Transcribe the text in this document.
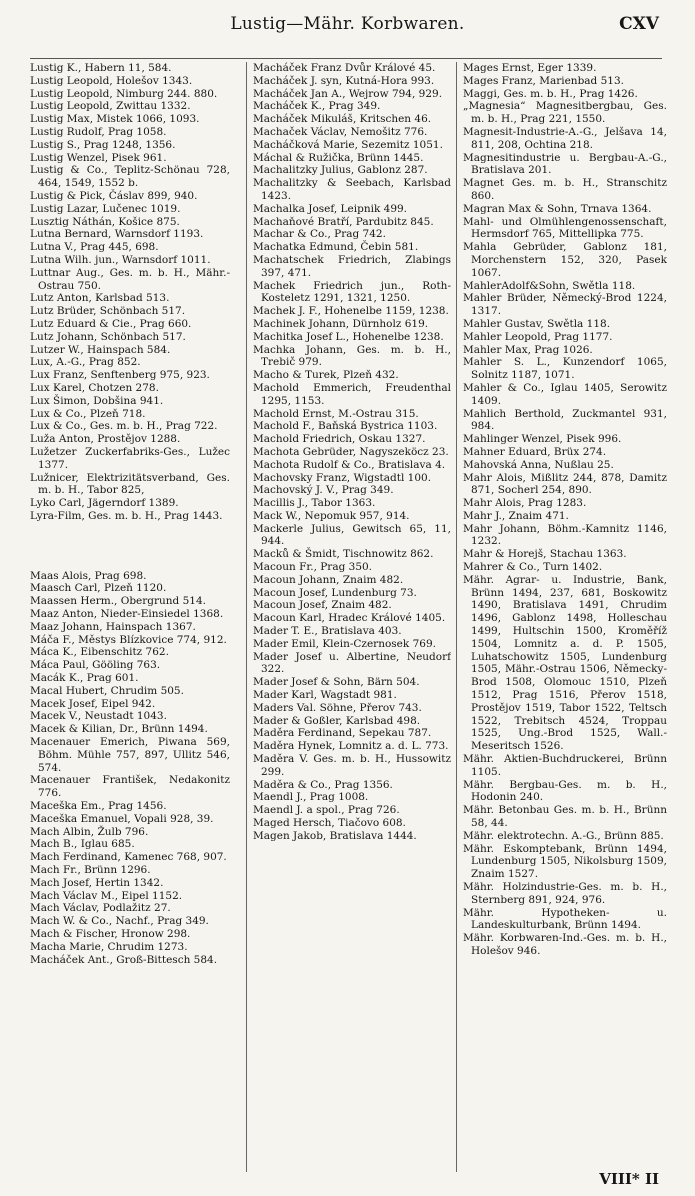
Lustig—Mähr. Korbwaren.	CXV

Lustig K., Habern 11, 584.

Lustig Leopold, Holešov 1343.

Lustig Leopold, Nimburg 244. 880.

Lustig Leopold, Zwittau 1332.

Lustig Max, Mistek 1066, 1093.

Lustig Rudolf, Prag 1058.

Lustig S., Prag 1248, 1356.

Lustig Wenzel, Pisek 961.

Lustig & Co., Teplitz-Schönau 728, 464, 1549, 1552 b.

Lustig & Pick, Čáslav 899, 940.

Lustig Lazar, Lučenec 1019.

Lusztig Náthán, Košice 875.

Lutna Bernard, Warnsdorf 1193.

Lutna V., Prag 445, 698.

Lutna Wilh. jun., Warnsdorf 1011.

Luttnar Aug., Ges. m. b. H., Mähr.-Ostrau 750.

Lutz Anton, Karlsbad 513.

Lutz Brüder, Schönbach 517.

Lutz Eduard & Cie., Prag 660.

Lutz Johann, Schönbach 517.

Lutzer W., Hainspach 584.

Lux, A.-G., Prag 852.

Lux Franz, Senftenberg 975, 923.

Lux Karel, Chotzen 278.

Lux Šimon, Dobšina 941.

Lux & Co., Plzeň 718.

Lux & Co., Ges. m. b. H., Prag 722.

Luža Anton, Prostějov 1288.

Lužetzer Zuckerfabriks-Ges., Lužec 1377.

Lužnicer, Elektrizitätsverband, Ges. m. b. H., Tabor 825,

Lyko Carl, Jägerndorf 1389.

Lyra-Film, Ges. m. b. H., Prag 1443.

Maas Alois, Prag 698.

Maasch Carl, Plzeň 1120.

Maassen Herm., Obergrund 514.

Maaz Anton, Nieder-Einsiedel 1368.

Maaz Johann, Hainspach 1367.

Máča F., Městys Blízkovice 774, 912.

Máca K., Eibenschitz 762.

Máca Paul, Gööling 763.

Macák K., Prag 601.

Macal Hubert, Chrudim 505.

Macek Josef, Eipel 942.

Macek V., Neustadt 1043.

Macek & Kilian, Dr., Brünn 1494.

Macenauer Emerich, Piwana 569, Böhm. Mühle 757, 897, Ullitz 546, 574.

Macenauer František, Nedakonitz 776.

Maceška Em., Prag 1456.

Maceška Emanuel, Vopali 928, 39.

Mach Albin, Žulb 796.

Mach B., Iglau 685.

Mach Ferdinand, Kamenec 768, 907.

Mach Fr., Brünn 1296.

Mach Josef, Hertin 1342.

Mach Václav M., Eipel 1152.

Mach Václav, Podlažitz 27.

Mach W. & Co., Nachf., Prag 349.

Mach & Fischer, Hronow 298.

Macha Marie, Chrudim 1273.

Macháček Ant., Groß-Bittesch 584.

Macháček Franz Dvůr Králové 45.

Macháček J. syn, Kutná-Hora 993.

Macháček Jan A., Wejrow 794, 929.

Macháček K., Prag 349.

Macháček Mikuláš, Kritschen 46.

Machaček Václav, Nemošitz 776.

Macháčková Marie, Sezemitz 1051.

Máchal & Ružička, Brünn 1445.

Machalitzky Julius, Gablonz 287.

Machalitzky & Seebach, Karlsbad 1423.

Machalka Josef, Leipnik 499.

Machaňové Bratří, Pardubitz 845.

Machar & Co., Prag 742.

Machatka Edmund, Čebin 581.

Machatschek Friedrich, Zlabings 397, 471.

Machek Friedrich jun., Roth-Kosteletz 1291, 1321, 1250.

Machek J. F., Hohenelbe 1159, 1238.

Machinek Johann, Dürnholz 619.

Machitka Josef L., Hohenelbe 1238.

Machka Johann, Ges. m. b. H., Trebič 979.

Macho & Turek, Plzeň 432.

Machold Emmerich, Freudenthal 1295, 1153.

Machold Ernst, M.-Ostrau 315.

Machold F., Baňská Bystrica 1103.

Machold Friedrich, Oskau 1327.

Machota Gebrüder, Nagyszeköcz 23.

Machota Rudolf & Co., Bratislava 4.

Machovsky Franz, Wigstadtl 100.

Machovský J. V., Prag 349.

Macillis J., Tabor 1363.

Mack W., Nepomuk 957, 914.

Mackerle Julius, Gewitsch 65, 11, 944.

Macků & Šmidt, Tischnowitz 862.

Macoun Fr., Prag 350.

Macoun Johann, Znaim 482.

Macoun Josef, Lundenburg 73.

Macoun Josef, Znaim 482.

Macoun Karl, Hradec Králové 1405.

Mader T. E., Bratislava 403.

Mader Emil, Klein-Czernosek 769.

Mader Josef u. Albertine, Neudorf 322.

Mader Josef & Sohn, Bärn 504.

Mader Karl, Wagstadt 981.

Maders Val. Söhne, Přerov 743.

Mader & Goßler, Karlsbad 498.

Maděra Ferdinand, Sepekau 787.

Maděra Hynek, Lomnitz a. d. L. 773.

Maděra V. Ges. m. b. H., Hussowitz 299.

Maděra & Co., Prag 1356.

Maendl J., Prag 1008.

Maendl J. a spol., Prag 726.

Maged Hersch, Tiačovo 608.

Magen Jakob, Bratislava 1444.

Mages Ernst, Eger 1339.

Mages Franz, Marienbad 513.

Maggi, Ges. m. b. H., Prag 1426.

„Magnesia“ Magnesitbergbau, Ges. m. b. H., Prag 221, 1550.

Magnesit-Industrie-A.-G., Jelšava 14, 811, 208, Ochtina 218.

Magnesitindustrie u. Bergbau-A.-G., Bratislava 201.

Magnet Ges. m. b. H., Stranschitz 860.

Magran Max & Sohn, Trnava 1364.

Mahl- und Olmühlengenossenschaft, Hermsdorf 765, Mittellipka 775.

Mahla Gebrüder, Gablonz 181, Morchenstern 152, 320, Pasek 1067.

MahlerAdolf&Sohn, Swětla 118.

Mahler Brüder, Německý-Brod 1224, 1317.

Mahler Gustav, Swětla 118.

Mahler Leopold, Prag 1177.

Mahler Max, Prag 1026.

Mahler S. L., Kunzendorf 1065, Solnitz 1187, 1071.

Mahler & Co., Iglau 1405, Serowitz 1409.

Mahlich Berthold, Zuckmantel 931, 984.

Mahlinger Wenzel, Pisek 996.

Mahner Eduard, Brüx 274.

Mahovská Anna, Nußlau 25.

Mahr Alois, Mißlitz 244, 878, Damitz 871, Socherl 254, 890.

Mahr Alois, Prag 1283.

Mahr J., Znaim 471.

Mahr Johann, Böhm.-Kamnitz 1146, 1232.

Mahr & Horejš, Stachau 1363.

Mahrer & Co., Turn 1402.

Mähr. Agrar- u. Industrie, Bank, Brünn 1494, 237, 681, Boskowitz 1490, Bratislava 1491, Chrudim 1496, Gablonz 1498, Holleschau 1499, Hultschin 1500, Kroměříž 1504, Lomnitz a. d. P. 1505, Luhatschowitz 1505, Lundenburg 1505, Mähr.-Ostrau 1506, Německy-Brod 1508, Olomouc 1510, Plzeň 1512, Prag 1516, Přerov 1518, Prostějov 1519, Tabor 1522, Teltsch 1522, Trebitsch 4524, Troppau 1525, Ung.-Brod 1525, Wall.-Meseritsch 1526.

Mähr. Aktien-Buchdruckerei, Brünn 1105.

Mähr. Bergbau-Ges. m. b. H., Hodonin 240.

Mähr. Betonbau Ges. m. b. H., Brünn 58, 44.

Mähr. elektrotechn. A.-G., Brünn 885.

Mähr. Eskomptebank, Brünn 1494, Lundenburg 1505, Nikolsburg 1509, Znaim 1527.

Mähr. Holzindustrie-Ges. m. b. H., Sternberg 891, 924, 976.

Mähr. Hypotheken- u. Landeskulturbank, Brünn 1494.

Mähr. Korbwaren-Ind.-Ges. m. b. H., Holešov 946.

VIII* II
